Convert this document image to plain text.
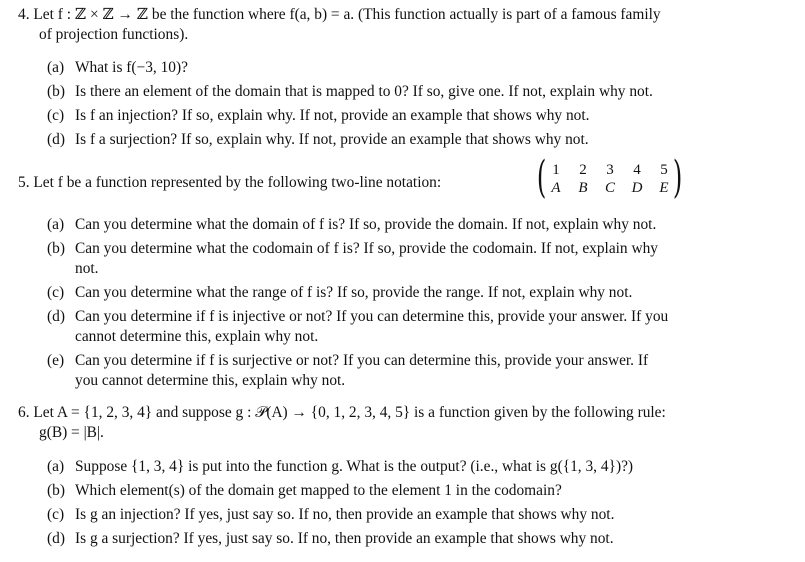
4. Let f : ℤ × ℤ → ℤ be the function where f(a, b) = a. (This function actually is part of a famous family
of projection functions).
(a) What is f(−3, 10)?
(b) Is there an element of the domain that is mapped to 0? If so, give one. If not, explain why not.
(c) Is f an injection? If so, explain why. If not, provide an example that shows why not.
(d) Is f a surjection? If so, explain why. If not, provide an example that shows why not.
5. Let f be a function represented by the following two-line notation: ( 1	2	3	4	5
A	B	C	D	E )
(a) Can you determine what the domain of f is? If so, provide the domain. If not, explain why not.
(b) Can you determine what the codomain of f is? If so, provide the codomain. If not, explain why
not.
(c) Can you determine what the range of f is? If so, provide the range. If not, explain why not.
(d) Can you determine if f is injective or not? If you can determine this, provide your answer. If you
cannot determine this, explain why not.
(e) Can you determine if f is surjective or not? If you can determine this, provide your answer. If
you cannot determine this, explain why not.
6. Let A = {1, 2, 3, 4} and suppose g : 𝒫(A) → {0, 1, 2, 3, 4, 5} is a function given by the following rule:
g(B) = |B|.
(a) Suppose {1, 3, 4} is put into the function g. What is the output? (i.e., what is g({1, 3, 4})?)
(b) Which element(s) of the domain get mapped to the element 1 in the codomain?
(c) Is g an injection? If yes, just say so. If no, then provide an example that shows why not.
(d) Is g a surjection? If yes, just say so. If no, then provide an example that shows why not.
